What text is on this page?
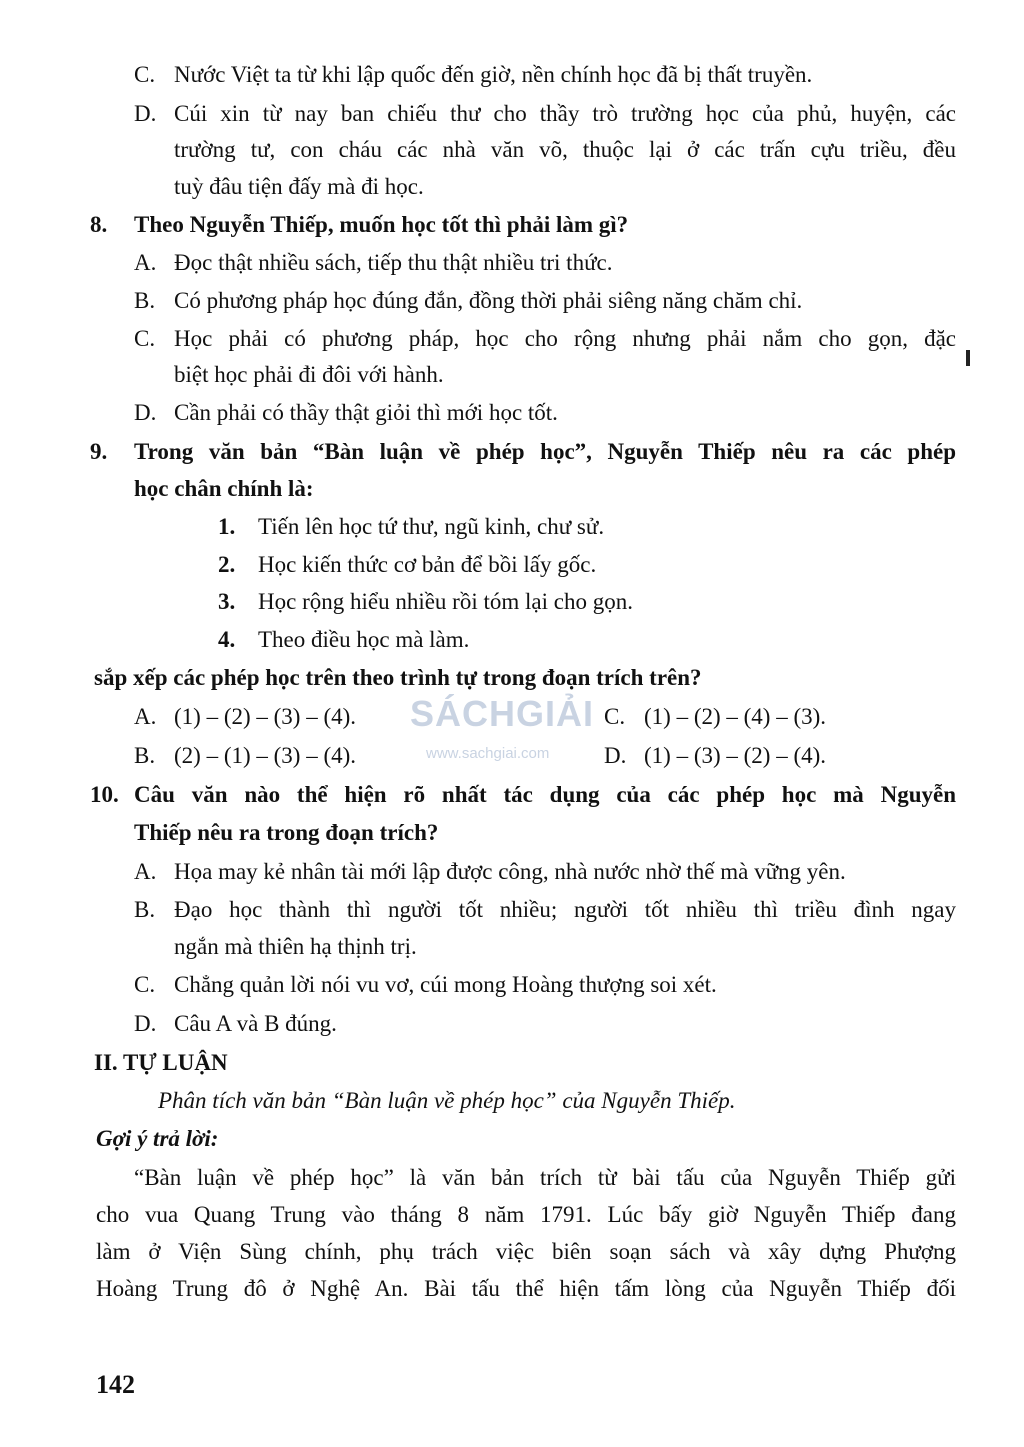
C. Nước Việt ta từ khi lập quốc đến giờ, nền chính học đã bị thất truyền.
D. Cúi xin từ nay ban chiếu thư cho thầy trò trường học của phủ, huyện, các
trường tư, con cháu các nhà văn võ, thuộc lại ở các trấn cựu triều, đều
tuỳ đâu tiện đấy mà đi học.
8. Theo Nguyễn Thiếp, muốn học tốt thì phải làm gì?
A. Đọc thật nhiều sách, tiếp thu thật nhiều tri thức.
B. Có phương pháp học đúng đắn, đồng thời phải siêng năng chăm chỉ.
C. Học phải có phương pháp, học cho rộng nhưng phải nắm cho gọn, đặc
biệt học phải đi đôi với hành.
D. Cần phải có thầy thật giỏi thì mới học tốt.
9. Trong văn bản “Bàn luận về phép học”, Nguyễn Thiếp nêu ra các phép
học chân chính là:
1. Tiến lên học tứ thư, ngũ kinh, chư sử.
2. Học kiến thức cơ bản để bồi lấy gốc.
3. Học rộng hiểu nhiều rồi tóm lại cho gọn.
4. Theo điều học mà làm.
sắp xếp các phép học trên theo trình tự trong đoạn trích trên?
SÁCHGIẢI
www.sachgiai.com
A. (1) – (2) – (3) – (4).	C. (1) – (2) – (4) – (3).
B. (2) – (1) – (3) – (4).	D. (1) – (3) – (2) – (4).
10. Câu văn nào thể hiện rõ nhất tác dụng của các phép học mà Nguyễn
Thiếp nêu ra trong đoạn trích?
A. Họa may kẻ nhân tài mới lập được công, nhà nước nhờ thế mà vững yên.
B. Đạo học thành thì người tốt nhiều; người tốt nhiều thì triều đình ngay
ngắn mà thiên hạ thịnh trị.
C. Chẳng quản lời nói vu vơ, cúi mong Hoàng thượng soi xét.
D. Câu A và B đúng.
II. TỰ LUẬN
Phân tích văn bản “Bàn luận về phép học” của Nguyễn Thiếp.
Gợi ý trả lời:
“Bàn luận về phép học” là văn bản trích từ bài tấu của Nguyễn Thiếp gửi
cho vua Quang Trung vào tháng 8 năm 1791. Lúc bấy giờ Nguyễn Thiếp đang
làm ở Viện Sùng chính, phụ trách việc biên soạn sách và xây dựng Phượng
Hoàng Trung đô ở Nghệ An. Bài tấu thể hiện tấm lòng của Nguyễn Thiếp đối
142
